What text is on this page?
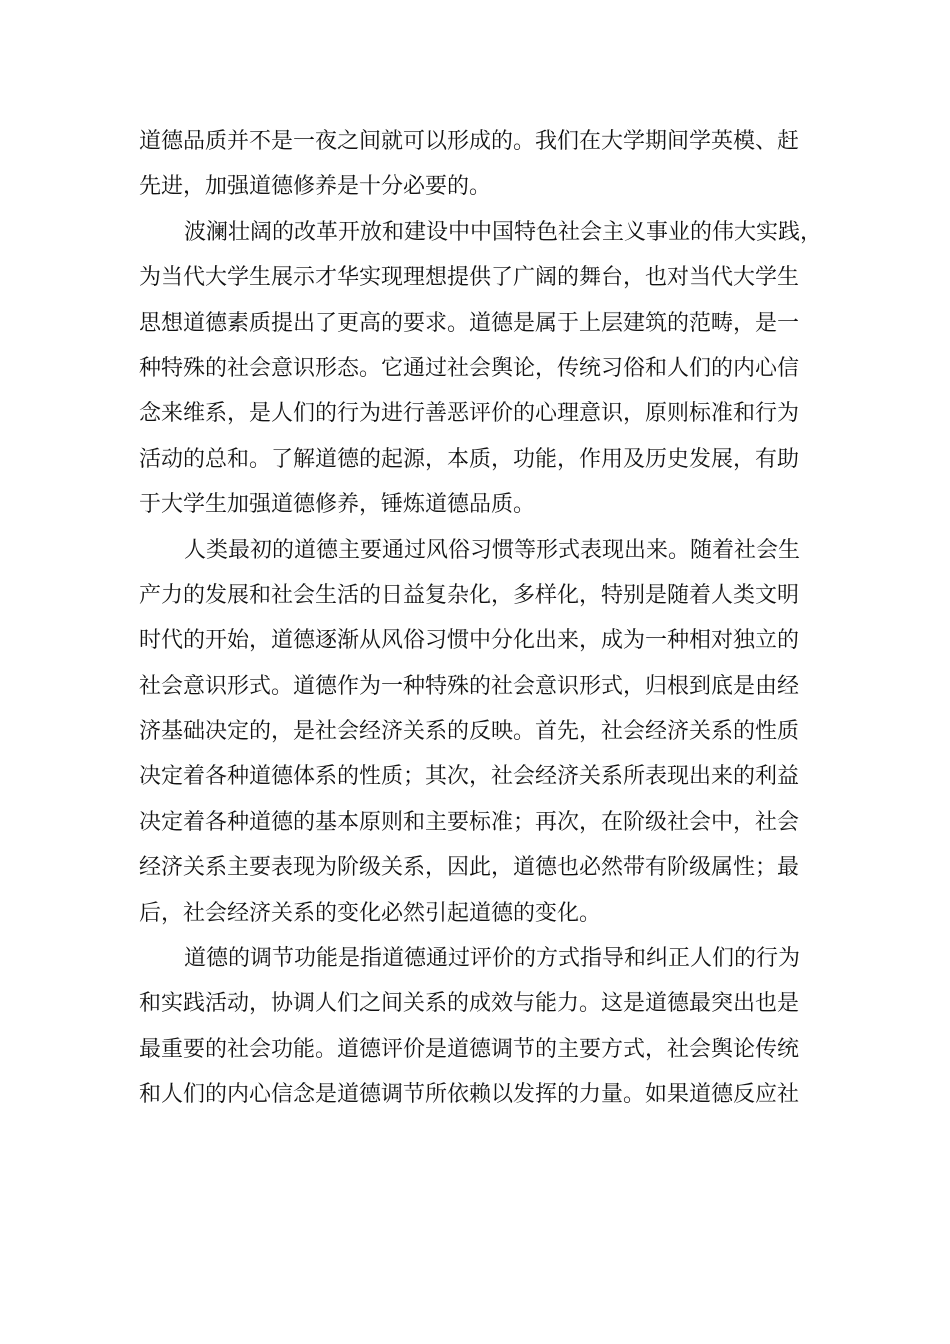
道德品质并不是一夜之间就可以形成的。我们在大学期间学英模、赶
先进，加强道德修养是十分必要的。
波澜壮阔的改革开放和建设中中国特色社会主义事业的伟大实践，
为当代大学生展示才华实现理想提供了广阔的舞台，也对当代大学生
思想道德素质提出了更高的要求。道德是属于上层建筑的范畴，是一
种特殊的社会意识形态。它通过社会舆论，传统习俗和人们的内心信
念来维系，是人们的行为进行善恶评价的心理意识，原则标准和行为
活动的总和。了解道德的起源，本质，功能，作用及历史发展，有助
于大学生加强道德修养，锤炼道德品质。
人类最初的道德主要通过风俗习惯等形式表现出来。随着社会生
产力的发展和社会生活的日益复杂化，多样化，特别是随着人类文明
时代的开始，道德逐渐从风俗习惯中分化出来，成为一种相对独立的
社会意识形式。道德作为一种特殊的社会意识形式，归根到底是由经
济基础决定的，是社会经济关系的反映。首先，社会经济关系的性质
决定着各种道德体系的性质；其次，社会经济关系所表现出来的利益
决定着各种道德的基本原则和主要标准；再次，在阶级社会中，社会
经济关系主要表现为阶级关系，因此，道德也必然带有阶级属性；最
后，社会经济关系的变化必然引起道德的变化。
道德的调节功能是指道德通过评价的方式指导和纠正人们的行为
和实践活动，协调人们之间关系的成效与能力。这是道德最突出也是
最重要的社会功能。道德评价是道德调节的主要方式，社会舆论传统
和人们的内心信念是道德调节所依赖以发挥的力量。如果道德反应社
